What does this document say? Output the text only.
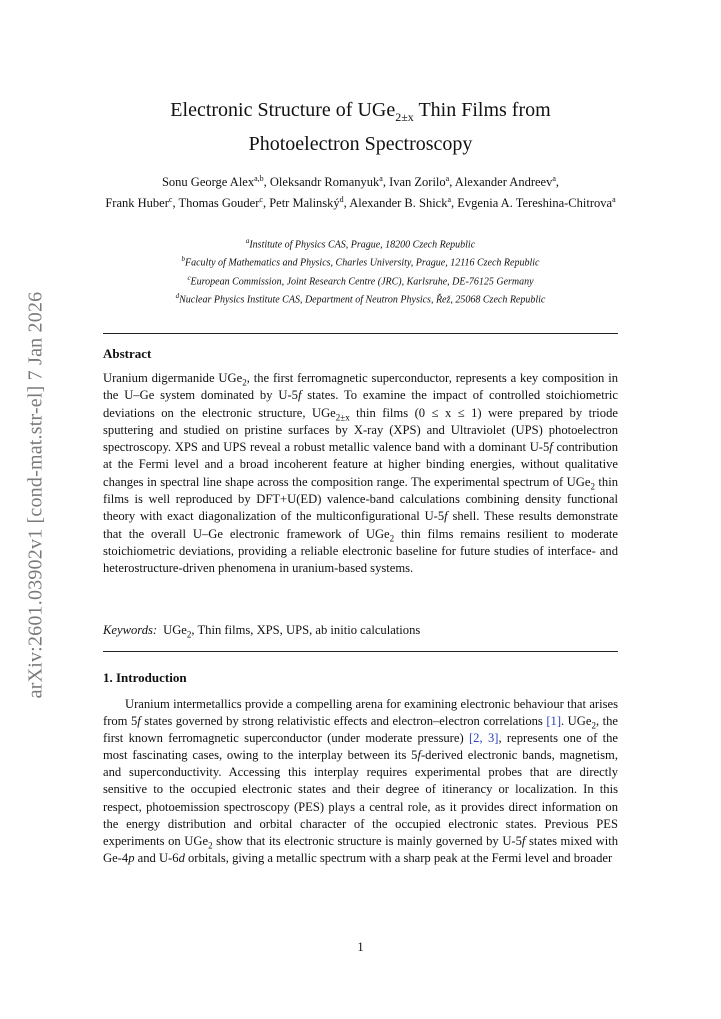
arXiv:2601.03902v1 [cond-mat.str-el] 7 Jan 2026
Electronic Structure of UGe$_{2\pm x}$ Thin Films from
Photoelectron Spectroscopy
Sonu George Alex$^{a,b}$, Oleksandr Romanyuk$^a$, Ivan Zorilo$^a$, Alexander Andreev$^a$,
Frank Huber$^c$, Thomas Gouder$^c$, Petr Malinský$^d$, Alexander B. Shick$^a$, Evgenia A. Tereshina-Chitrova$^a$
$^a$Institute of Physics CAS, Prague, 18200 Czech Republic
$^b$Faculty of Mathematics and Physics, Charles University, Prague, 12116 Czech Republic
$^c$European Commission, Joint Research Centre (JRC), Karlsruhe, DE-76125 Germany
$^d$Nuclear Physics Institute CAS, Department of Neutron Physics, Řež, 25068 Czech Republic
Abstract
Uranium digermanide UGe$_2$, the first ferromagnetic superconductor, represents a key composition in the U–Ge system dominated by U-5f states. To examine the impact of controlled stoichiometric deviations on the electronic structure, UGe$_{2\pm x}$ thin films (0 ≤ x ≤ 1) were prepared by triode sputtering and studied on pristine surfaces by X-ray (XPS) and Ultraviolet (UPS) photoelectron spectroscopy. XPS and UPS reveal a robust metallic valence band with a dominant U-5f contribution at the Fermi level and a broad incoherent feature at higher binding energies, without qualitative changes in spectral line shape across the composition range. The experimental spectrum of UGe$_2$ thin films is well reproduced by DFT+U(ED) valence-band calculations combining density functional theory with exact diagonalization of the multiconfigurational U-5f shell. These results demonstrate that the overall U–Ge electronic framework of UGe$_2$ thin films remains resilient to moderate stoichiometric deviations, providing a reliable electronic baseline for future studies of interface- and heterostructure-driven phenomena in uranium-based systems.
Keywords: UGe$_2$, Thin films, XPS, UPS, ab initio calculations
1. Introduction
Uranium intermetallics provide a compelling arena for examining electronic behaviour that arises from 5f states governed by strong relativistic effects and electron–electron correlations [1]. UGe$_2$, the first known ferromagnetic superconductor (under moderate pressure) [2, 3], represents one of the most fascinating cases, owing to the interplay between its 5f-derived electronic bands, magnetism, and superconductivity. Accessing this interplay requires experimental probes that are directly sensitive to the occupied electronic states and their degree of itinerancy or localization. In this respect, photoemission spectroscopy (PES) plays a central role, as it provides direct information on the energy distribution and orbital character of the occupied electronic states. Previous PES experiments on UGe$_2$ show that its electronic structure is mainly governed by U-5f states mixed with Ge-4p and U-6d orbitals, giving a metallic spectrum with a sharp peak at the Fermi level and broader
1
